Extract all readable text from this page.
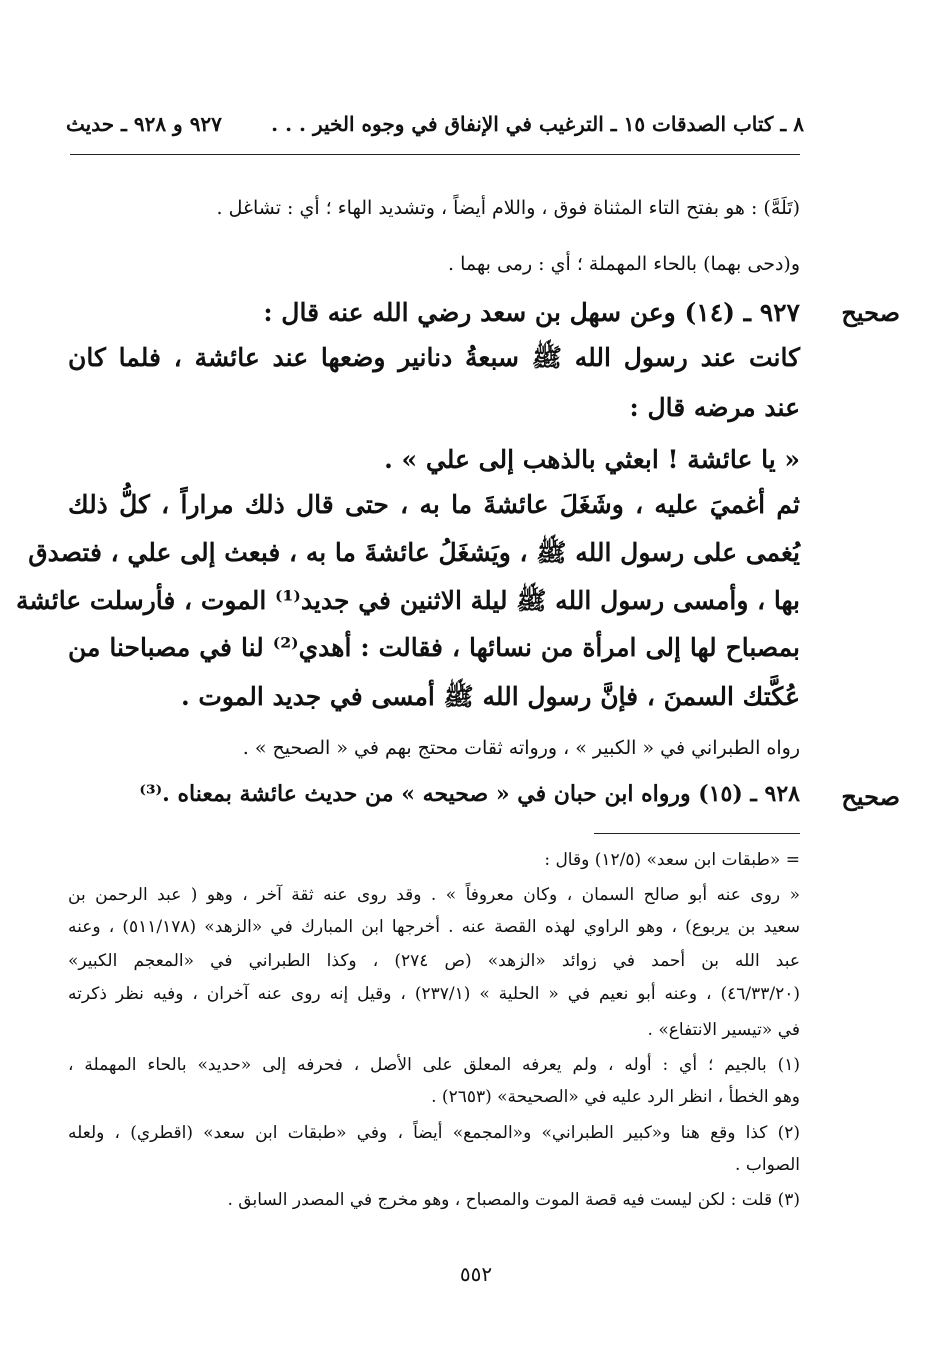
٨ ـ كتاب الصدقات ١٥ ـ الترغيب في الإنفاق في وجوه الخير . . .
٩٢٧ و ٩٢٨ ـ حديث
(تَلَهَّ) : هو بفتح التاء المثناة فوق ، واللام أيضاً ، وتشديد الهاء ؛ أي : تشاغل .
و(دحى بهما) بالحاء المهملة ؛ أي : رمى بهما .
صحيح
٩٢٧ ـ (١٤) وعن سهل بن سعد رضي الله عنه قال :
كانت عند رسول الله ﷺ سبعةُ دنانير وضعها عند عائشة ، فلما كان
عند مرضه قال :
« يا عائشة ! ابعثي بالذهب إلى علي » .
ثم أغميَ عليه ، وشَغَلَ عائشةَ ما به ، حتى قال ذلك مراراً ، كلُّ ذلك
يُغمى على رسول الله ﷺ ، ويَشغَلُ عائشةَ ما به ، فبعث إلى علي ، فتصدق
بها ، وأمسى رسول الله ﷺ ليلة الاثنين في جديد⁽¹⁾ الموت ، فأرسلت عائشة
بمصباح لها إلى امرأة من نسائها ، فقالت : أهدي⁽²⁾ لنا في مصباحنا من
عُكَّتك السمنَ ، فإنَّ رسول الله ﷺ أمسى في جديد الموت .
رواه الطبراني في « الكبير » ، ورواته ثقات محتج بهم في « الصحيح » .
صحيح
٩٢٨ ـ (١٥) ورواه ابن حبان في « صحيحه » من حديث عائشة بمعناه .⁽³⁾
= «طبقات ابن سعد» (١٢/٥) وقال :
« روى عنه أبو صالح السمان ، وكان معروفاً » . وقد روى عنه ثقة آخر ، وهو ( عبد الرحمن بن
سعيد بن يربوع) ، وهو الراوي لهذه القصة عنه . أخرجها ابن المبارك في «الزهد» (٥١١/١٧٨) ، وعنه
عبد الله بن أحمد في زوائد «الزهد» (ص ٢٧٤) ، وكذا الطبراني في «المعجم الكبير»
(٤٦/٣٣/٢٠) ، وعنه أبو نعيم في « الحلية » (٢٣٧/١) ، وقيل إنه روى عنه آخران ، وفيه نظر ذكرته
في «تيسير الانتفاع» .
(١) بالجيم ؛ أي : أوله ، ولم يعرفه المعلق على الأصل ، فحرفه إلى «حديد» بالحاء المهملة ،
وهو الخطأ ، انظر الرد عليه في «الصحيحة» (٢٦٥٣) .
(٢) كذا وقع هنا و«كبير الطبراني» و«المجمع» أيضاً ، وفي «طبقات ابن سعد» (اقطري) ، ولعله
الصواب .
(٣) قلت : لكن ليست فيه قصة الموت والمصباح ، وهو مخرج في المصدر السابق .
٥٥٢
